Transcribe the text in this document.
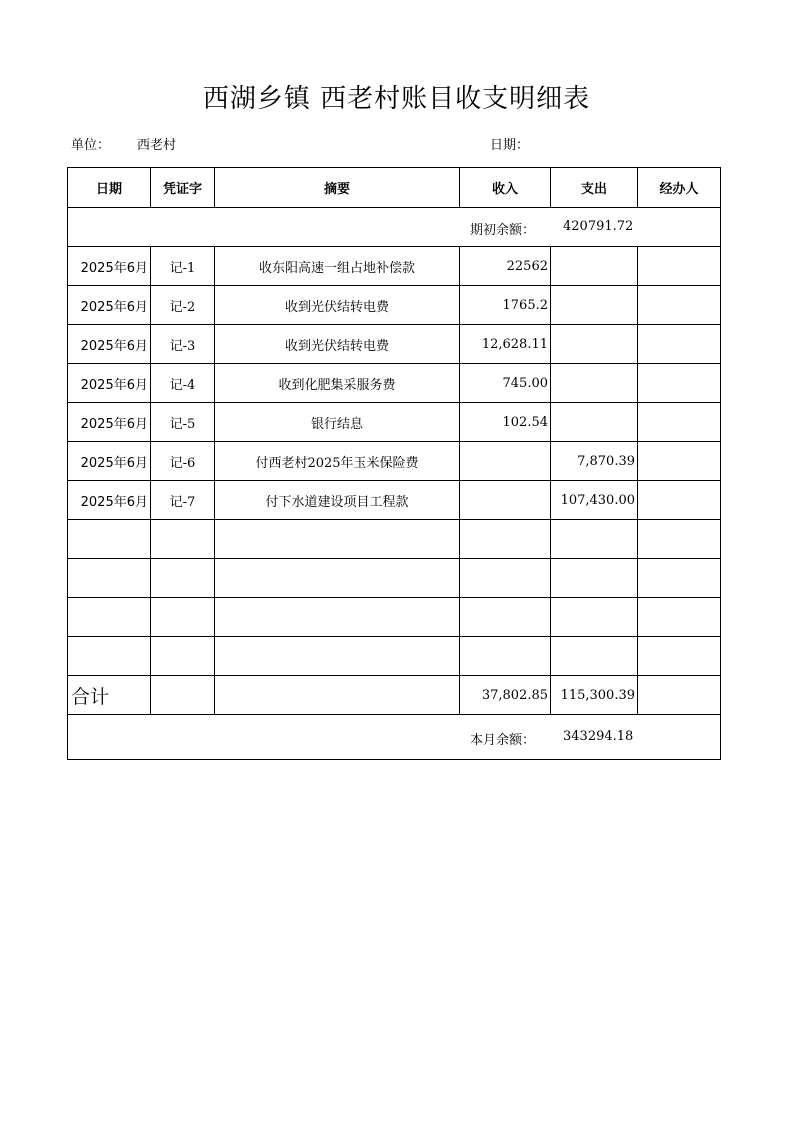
西湖乡镇 西老村账目收支明细表
单位： 西老村	日期：
日期	凭证字	摘要	收入	支出	经办人

期初余额： 420791.72					

2025年6月	记-1	收东阳高速一组占地补偿款	22562		
2025年6月	记-2	收到光伏结转电费	1765.2		
2025年6月	记-3	收到光伏结转电费	12,628.11		
2025年6月	记-4	收到化肥集采服务费	745.00		
2025年6月	记-5	银行结息	102.54		
2025年6月	记-6	付西老村2025年玉米保险费		7,870.39	
2025年6月	记-7	付下水道建设项目工程款		107,430.00	

合计			37,802.85	115,300.39	

本月余额： 343294.18					
